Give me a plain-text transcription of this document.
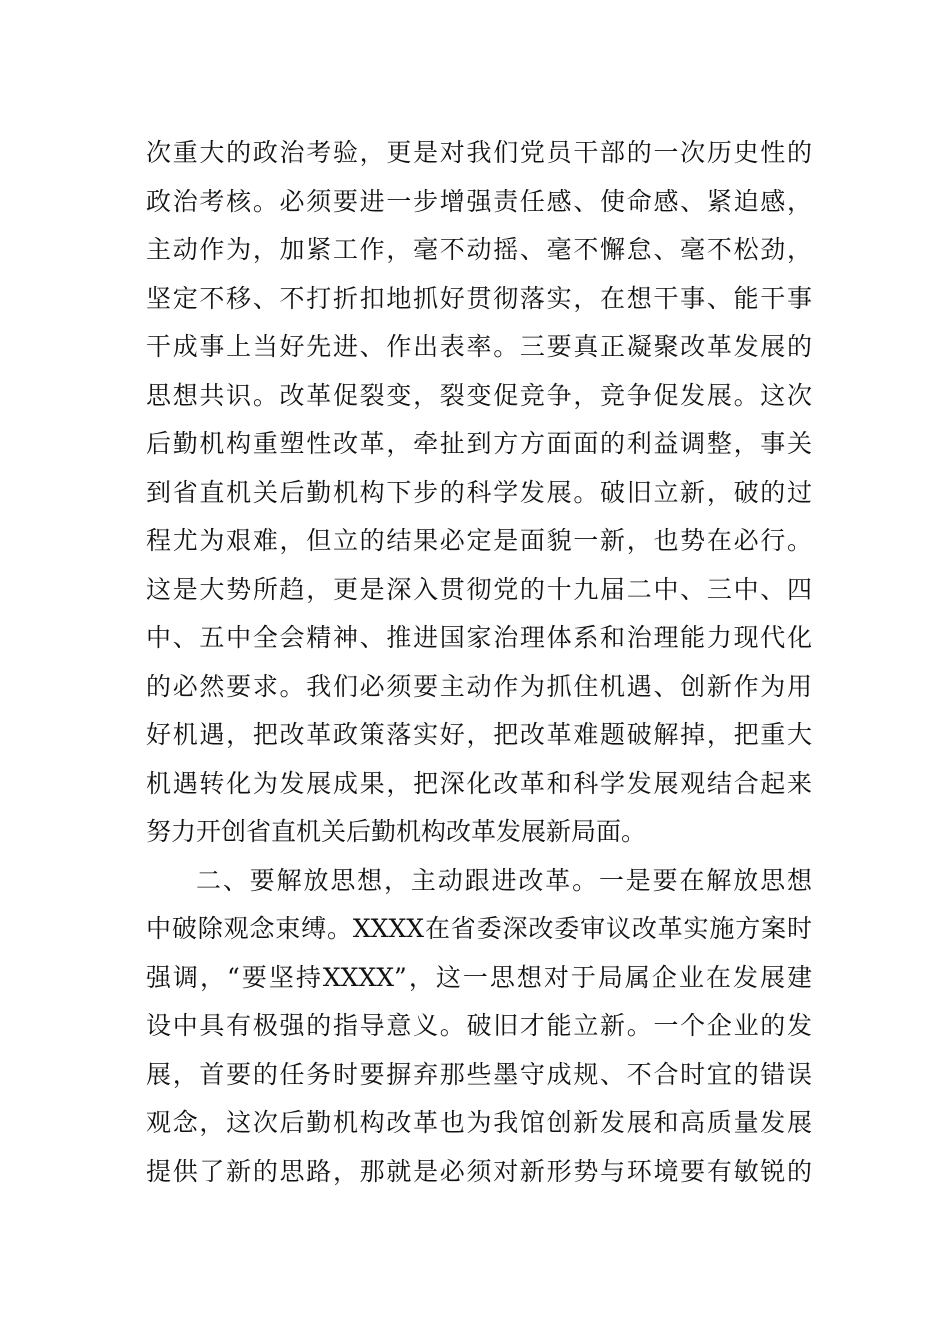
次重大的政治考验，更是对我们党员干部的一次历史性的
政治考核。必须要进一步增强责任感、使命感、紧迫感，
主动作为，加紧工作，毫不动摇、毫不懈怠、毫不松劲，
坚定不移、不打折扣地抓好贯彻落实，在想干事、能干事
干成事上当好先进、作出表率。三要真正凝聚改革发展的
思想共识。改革促裂变，裂变促竞争，竞争促发展。这次
后勤机构重塑性改革，牵扯到方方面面的利益调整，事关
到省直机关后勤机构下步的科学发展。破旧立新，破的过
程尤为艰难，但立的结果必定是面貌一新，也势在必行。
这是大势所趋，更是深入贯彻党的十九届二中、三中、四
中、五中全会精神、推进国家治理体系和治理能力现代化
的必然要求。我们必须要主动作为抓住机遇、创新作为用
好机遇，把改革政策落实好，把改革难题破解掉，把重大
机遇转化为发展成果，把深化改革和科学发展观结合起来
努力开创省直机关后勤机构改革发展新局面。
二、要解放思想，主动跟进改革。一是要在解放思想
中破除观念束缚。XXXX在省委深改委审议改革实施方案时
强调，“要坚持XXXX”，这一思想对于局属企业在发展建
设中具有极强的指导意义。破旧才能立新。一个企业的发
展，首要的任务时要摒弃那些墨守成规、不合时宜的错误
观念，这次后勤机构改革也为我馆创新发展和高质量发展
提供了新的思路，那就是必须对新形势与环境要有敏锐的
